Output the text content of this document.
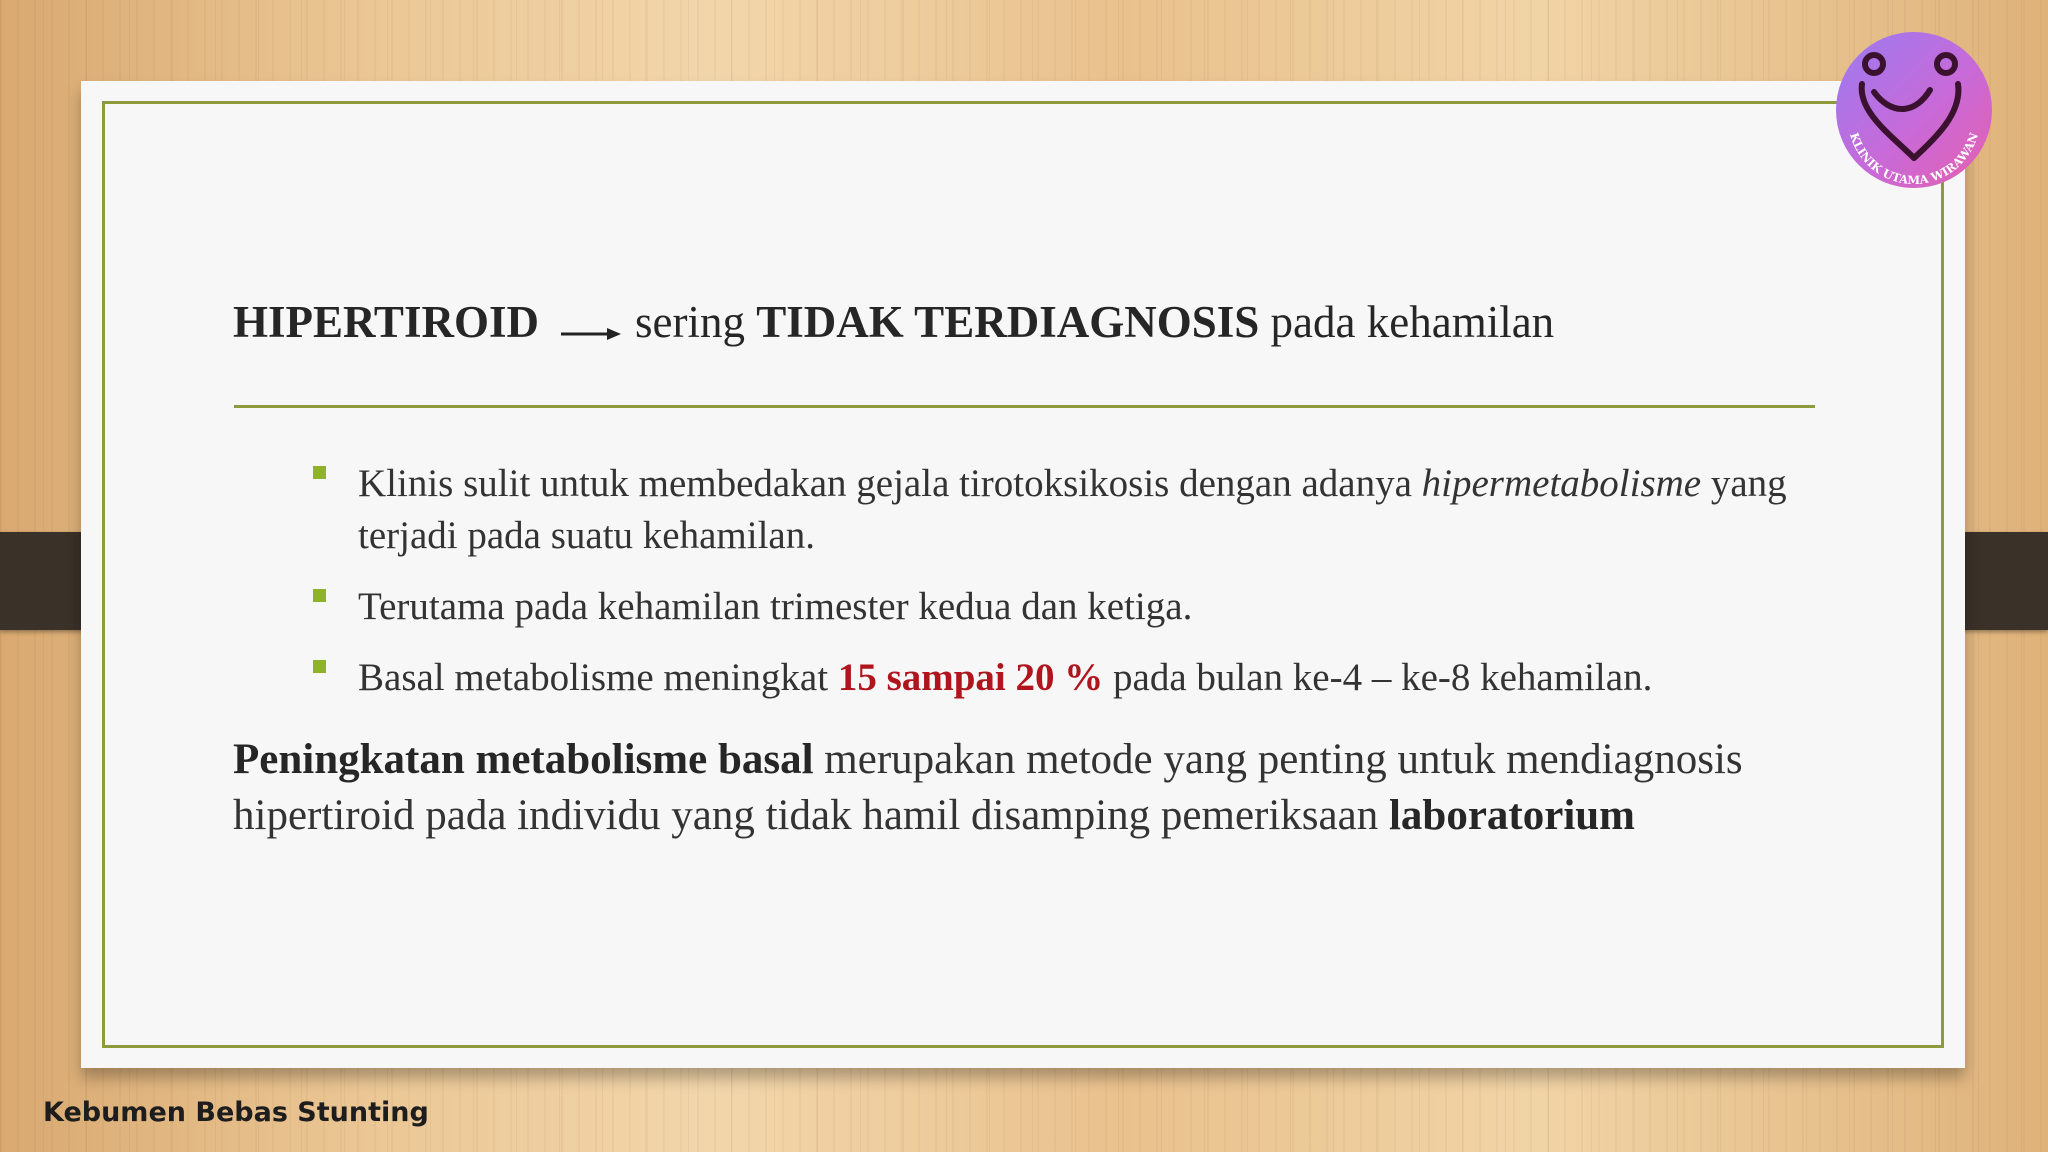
HIPERTIROID sering TIDAK TERDIAGNOSIS pada kehamilan
Klinis sulit untuk membedakan gejala tirotoksikosis dengan adanya hipermetabolisme yang terjadi pada suatu kehamilan.
Terutama pada kehamilan trimester kedua dan ketiga.
Basal metabolisme meningkat 15 sampai 20 % pada bulan ke-4 – ke-8 kehamilan.
Peningkatan metabolisme basal merupakan metode yang penting untuk mendiagnosis hipertiroid pada individu yang tidak hamil disamping pemeriksaan laboratorium
Kebumen Bebas Stunting
KLINIK UTAMA WIRAWAN
